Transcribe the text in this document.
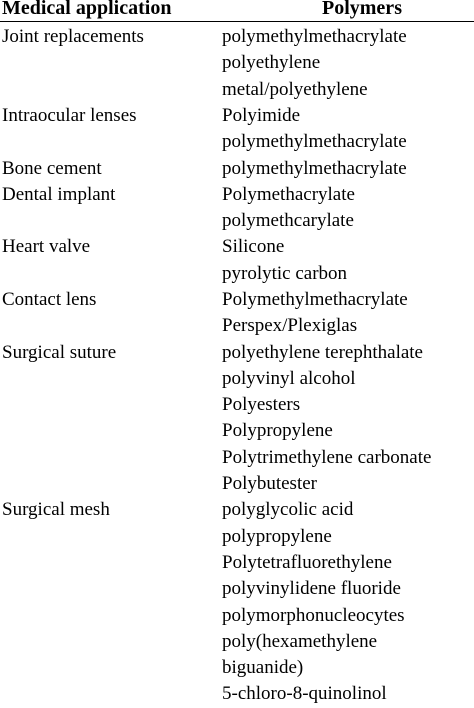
Medical application	Polymers
Joint replacements	polymethylmethacrylate
polyethylene
metal/polyethylene
Intraocular lenses	Polyimide
polymethylmethacrylate
Bone cement	polymethylmethacrylate
Dental implant	Polymethacrylate
polymethcarylate
Heart valve	Silicone
pyrolytic carbon
Contact lens	Polymethylmethacrylate
Perspex/Plexiglas
Surgical suture	polyethylene terephthalate
polyvinyl alcohol
Polyesters
Polypropylene
Polytrimethylene carbonate
Polybutester
Surgical mesh	polyglycolic acid
polypropylene
Polytetrafluorethylene
polyvinylidene fluoride
polymorphonucleocytes
poly(hexamethylene
biguanide)
5-chloro-8-quinolinol
